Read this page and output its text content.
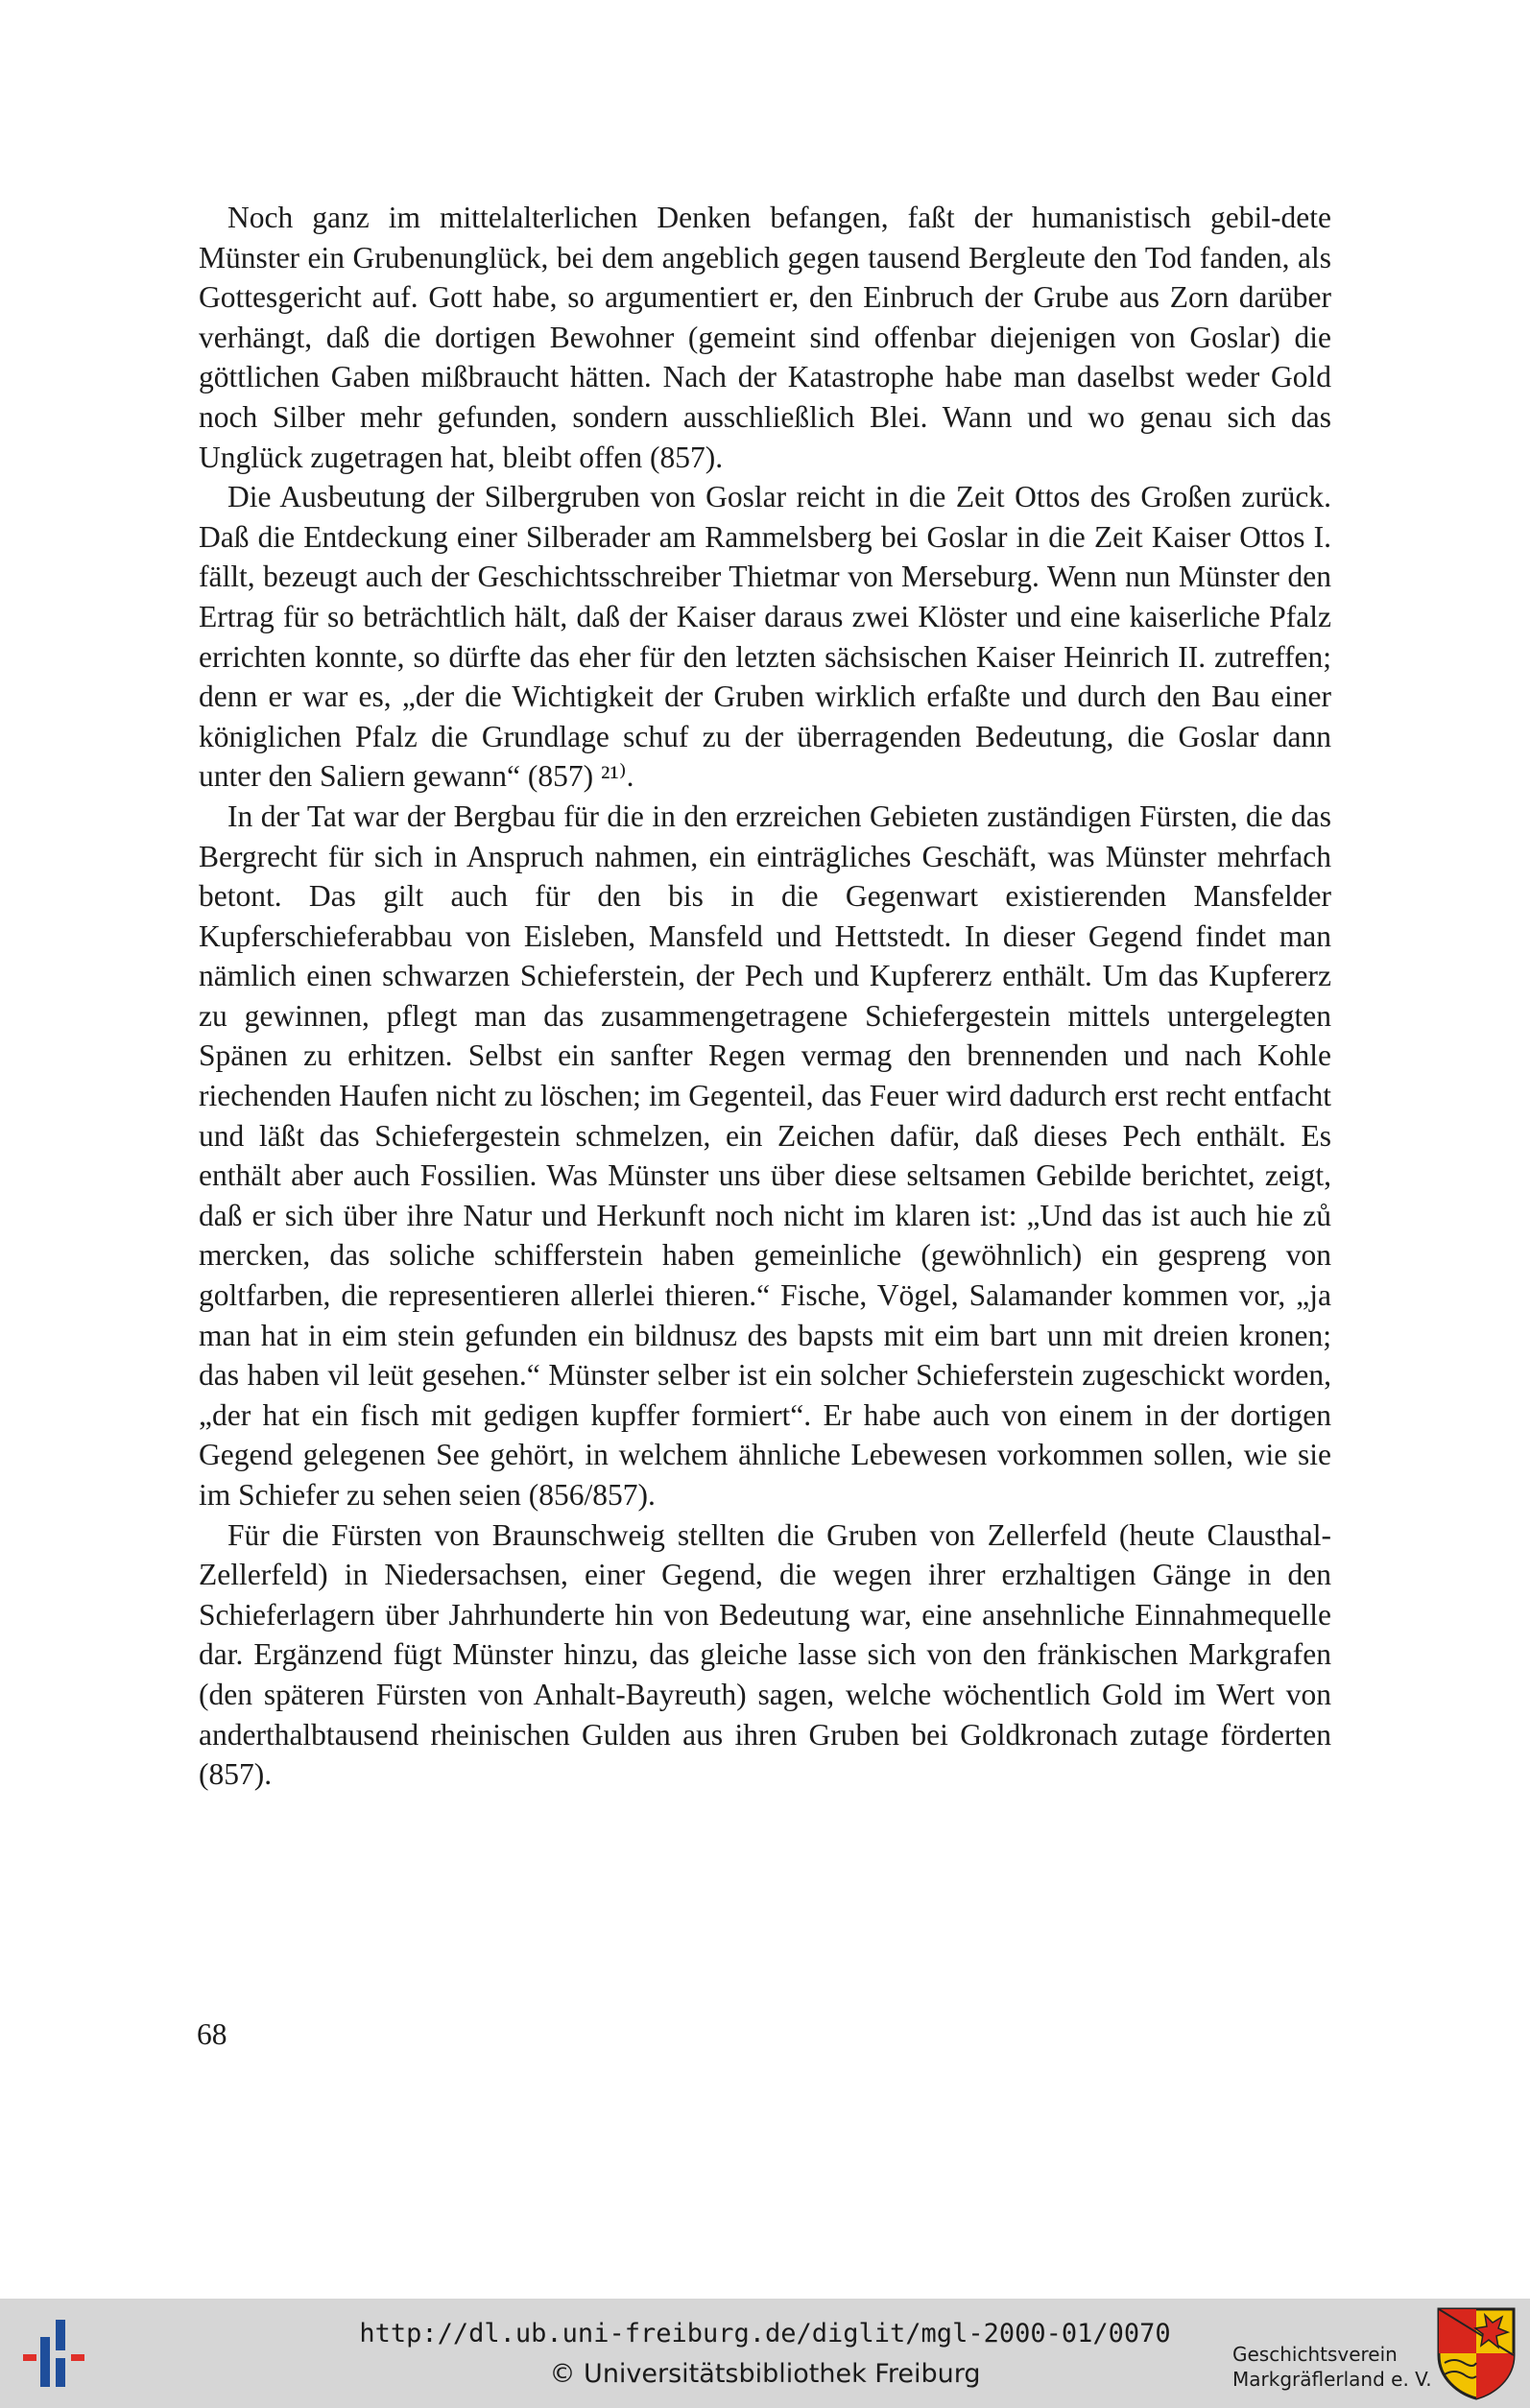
Noch ganz im mittelalterlichen Denken befangen, faßt der humanistisch gebil-dete Münster ein Grubenunglück, bei dem angeblich gegen tausend Bergleute den Tod fanden, als Gottesgericht auf. Gott habe, so argumentiert er, den Einbruch der Grube aus Zorn darüber verhängt, daß die dortigen Bewohner (gemeint sind offenbar diejenigen von Goslar) die göttlichen Gaben mißbraucht hätten. Nach der Katastrophe habe man daselbst weder Gold noch Silber mehr gefunden, sondern ausschließlich Blei. Wann und wo genau sich das Unglück zugetragen hat, bleibt offen (857).

Die Ausbeutung der Silbergruben von Goslar reicht in die Zeit Ottos des Großen zurück. Daß die Entdeckung einer Silberader am Rammelsberg bei Goslar in die Zeit Kaiser Ottos I. fällt, bezeugt auch der Geschichtsschreiber Thietmar von Merseburg. Wenn nun Münster den Ertrag für so beträchtlich hält, daß der Kaiser daraus zwei Klöster und eine kaiserliche Pfalz errichten konnte, so dürfte das eher für den letzten sächsischen Kaiser Heinrich II. zutreffen; denn er war es, „der die Wichtigkeit der Gruben wirklich erfaßte und durch den Bau einer königlichen Pfalz die Grundlage schuf zu der überragenden Bedeutung, die Goslar dann unter den Saliern gewann“ (857) ²¹⁾.

In der Tat war der Bergbau für die in den erzreichen Gebieten zuständigen Fürsten, die das Bergrecht für sich in Anspruch nahmen, ein einträgliches Geschäft, was Münster mehrfach betont. Das gilt auch für den bis in die Gegenwart existierenden Mansfelder Kupferschieferabbau von Eisleben, Mansfeld und Hettstedt. In dieser Gegend findet man nämlich einen schwarzen Schieferstein, der Pech und Kupfererz enthält. Um das Kupfererz zu gewinnen, pflegt man das zusammengetragene Schiefergestein mittels untergelegten Spänen zu erhitzen. Selbst ein sanfter Regen vermag den brennenden und nach Kohle riechenden Haufen nicht zu löschen; im Gegenteil, das Feuer wird dadurch erst recht entfacht und läßt das Schiefergestein schmelzen, ein Zeichen dafür, daß dieses Pech enthält. Es enthält aber auch Fossilien. Was Münster uns über diese seltsamen Gebilde berichtet, zeigt, daß er sich über ihre Natur und Herkunft noch nicht im klaren ist: „Und das ist auch hie zů mercken, das soliche schifferstein haben gemeinliche (gewöhnlich) ein gespreng von goltfarben, die representieren allerlei thieren.“ Fische, Vögel, Salamander kommen vor, „ja man hat in eim stein gefunden ein bildnusz des bapsts mit eim bart unn mit dreien kronen; das haben vil leüt gesehen.“ Münster selber ist ein solcher Schieferstein zugeschickt worden, „der hat ein fisch mit gedigen kupffer formiert“. Er habe auch von einem in der dortigen Gegend gelegenen See gehört, in welchem ähnliche Lebewesen vorkommen sollen, wie sie im Schiefer zu sehen seien (856/857).

Für die Fürsten von Braunschweig stellten die Gruben von Zellerfeld (heute Clausthal-Zellerfeld) in Niedersachsen, einer Gegend, die wegen ihrer erzhaltigen Gänge in den Schieferlagern über Jahrhunderte hin von Bedeutung war, eine ansehnliche Einnahmequelle dar. Ergänzend fügt Münster hinzu, das gleiche lasse sich von den fränkischen Markgrafen (den späteren Fürsten von Anhalt-Bayreuth) sagen, welche wöchentlich Gold im Wert von anderthalbtausend rheinischen Gulden aus ihren Gruben bei Goldkronach zutage förderten (857).

68

http://dl.ub.uni-freiburg.de/diglit/mgl-2000-01/0070

© Universitätsbibliothek Freiburg

Geschichtsverein
Markgräflerland e. V.
